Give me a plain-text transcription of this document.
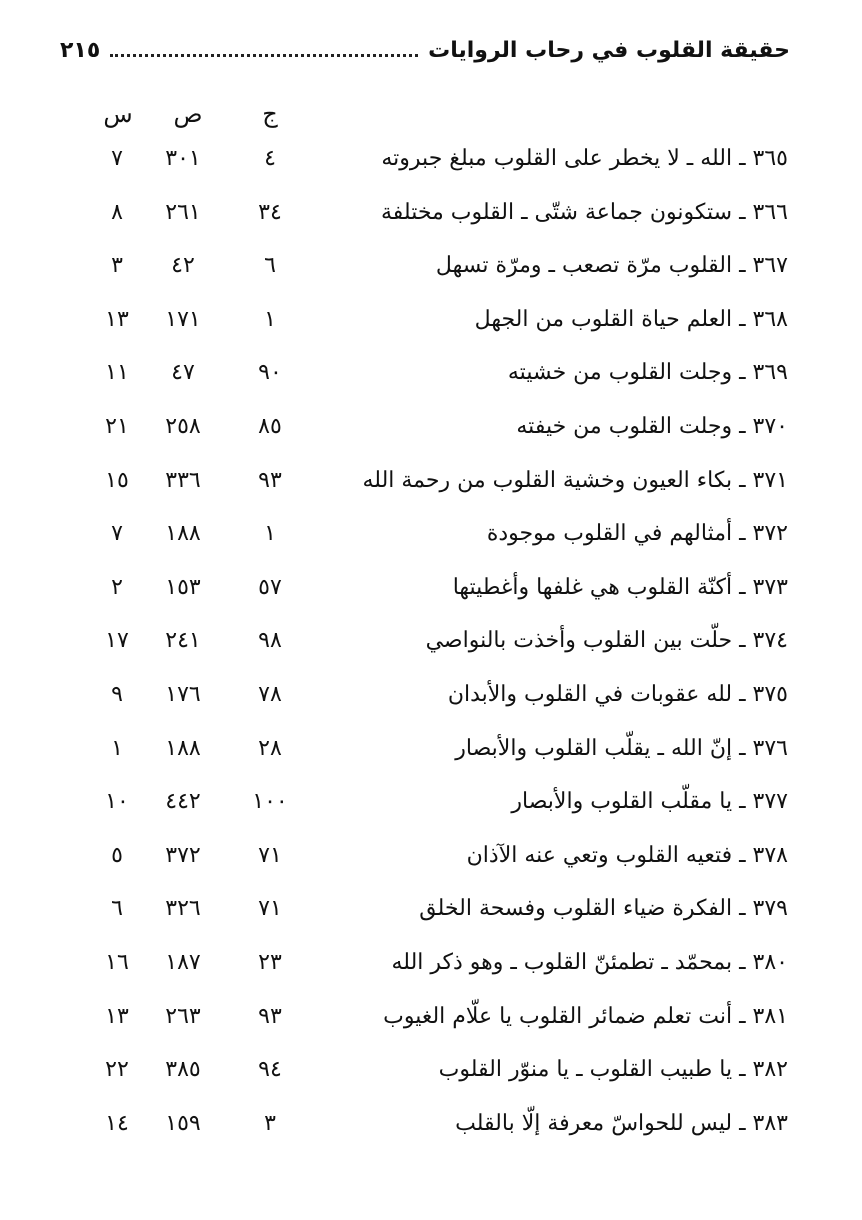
حقيقة القلوب في رحاب الروايات
٢١٥
ج
ص
س
٣٦٥ ـ الله ـ لا يخطر على القلوب مبلغ جبروته
٤
٣٠١
٧
٣٦٦ ـ ستكونون جماعة شتّى ـ القلوب مختلفة
٣٤
٢٦١
٨
٣٦٧ ـ القلوب مرّة تصعب ـ ومرّة تسهل
٦
٤٢
٣
٣٦٨ ـ العلم حياة القلوب من الجهل
١
١٧١
١٣
٣٦٩ ـ وجلت القلوب من خشيته
٩٠
٤٧
١١
٣٧٠ ـ وجلت القلوب من خيفته
٨٥
٢٥٨
٢١
٣٧١ ـ بكاء العيون وخشية القلوب من رحمة الله
٩٣
٣٣٦
١٥
٣٧٢ ـ أمثالهم في القلوب موجودة
١
١٨٨
٧
٣٧٣ ـ أكنّة القلوب هي غلفها وأغطيتها
٥٧
١٥٣
٢
٣٧٤ ـ حلّت بين القلوب وأخذت بالنواصي
٩٨
٢٤١
١٧
٣٧٥ ـ لله عقوبات في القلوب والأبدان
٧٨
١٧٦
٩
٣٧٦ ـ إنّ الله ـ يقلّب القلوب والأبصار
٢٨
١٨٨
١
٣٧٧ ـ يا مقلّب القلوب والأبصار
١٠٠
٤٤٢
١٠
٣٧٨ ـ فتعيه القلوب وتعي عنه الآذان
٧١
٣٧٢
٥
٣٧٩ ـ الفكرة ضياء القلوب وفسحة الخلق
٧١
٣٢٦
٦
٣٨٠ ـ بمحمّد ـ تطمئنّ القلوب ـ وهو ذكر الله
٢٣
١٨٧
١٦
٣٨١ ـ أنت تعلم ضمائر القلوب يا علّام الغيوب
٩٣
٢٦٣
١٣
٣٨٢ ـ يا طبيب القلوب ـ يا منوّر القلوب
٩٤
٣٨٥
٢٢
٣٨٣ ـ ليس للحواسّ معرفة إلّا بالقلب
٣
١٥٩
١٤
